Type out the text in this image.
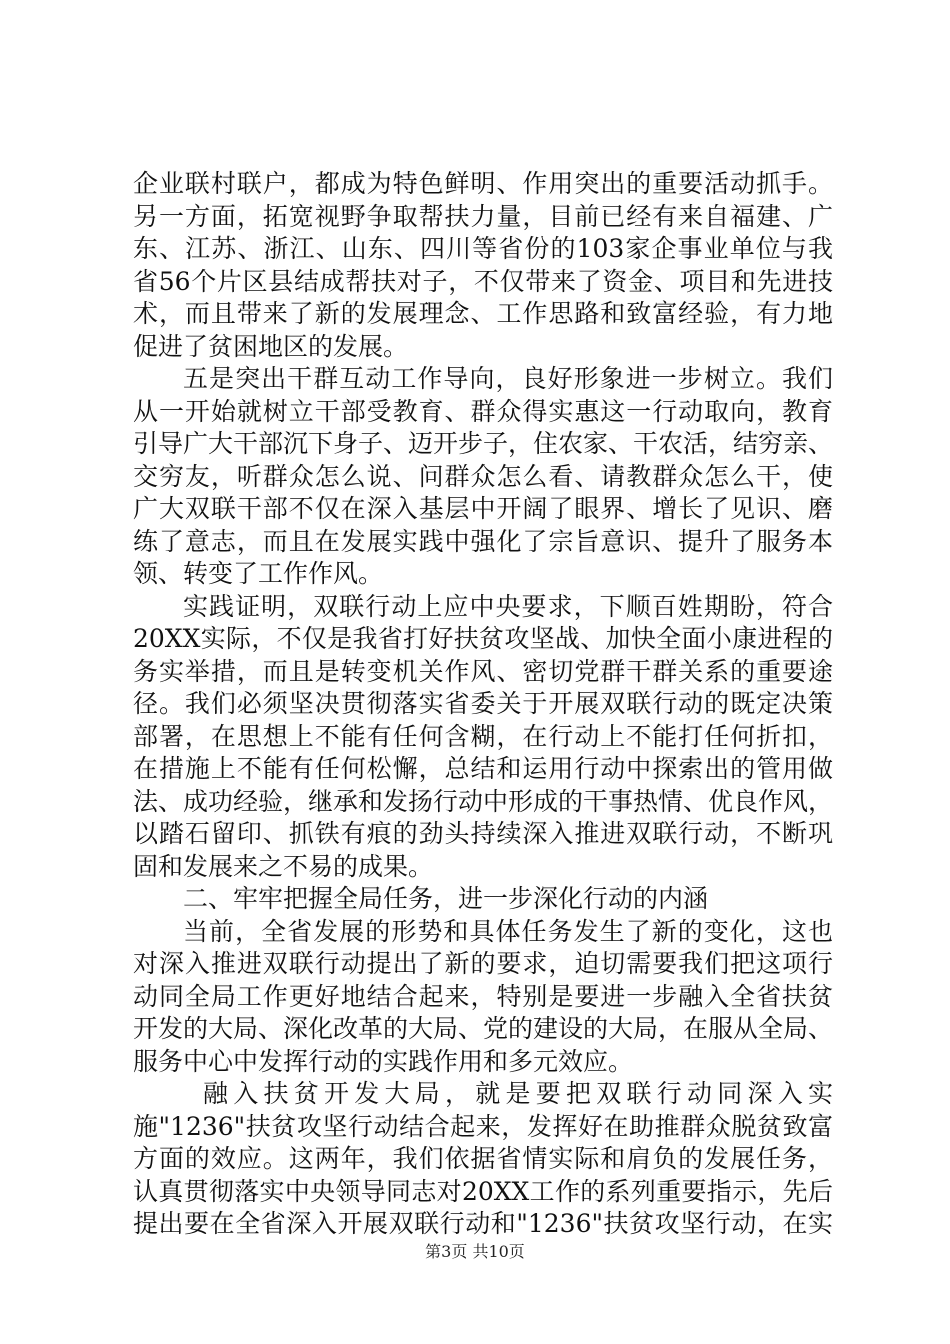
企业联村联户，都成为特色鲜明、作用突出的重要活动抓手。
另一方面，拓宽视野争取帮扶力量，目前已经有来自福建、广
东、江苏、浙江、山东、四川等省份的103家企事业单位与我
省56个片区县结成帮扶对子，不仅带来了资金、项目和先进技
术，而且带来了新的发展理念、工作思路和致富经验，有力地
促进了贫困地区的发展。
五是突出干群互动工作导向，良好形象进一步树立。我们
从一开始就树立干部受教育、群众得实惠这一行动取向，教育
引导广大干部沉下身子、迈开步子，住农家、干农活，结穷亲、
交穷友，听群众怎么说、问群众怎么看、请教群众怎么干，使
广大双联干部不仅在深入基层中开阔了眼界、增长了见识、磨
练了意志，而且在发展实践中强化了宗旨意识、提升了服务本
领、转变了工作作风。
实践证明，双联行动上应中央要求，下顺百姓期盼，符合
20XX实际，不仅是我省打好扶贫攻坚战、加快全面小康进程的
务实举措，而且是转变机关作风、密切党群干群关系的重要途
径。我们必须坚决贯彻落实省委关于开展双联行动的既定决策
部署，在思想上不能有任何含糊，在行动上不能打任何折扣，
在措施上不能有任何松懈，总结和运用行动中探索出的管用做
法、成功经验，继承和发扬行动中形成的干事热情、优良作风，
以踏石留印、抓铁有痕的劲头持续深入推进双联行动，不断巩
固和发展来之不易的成果。
二、牢牢把握全局任务，进一步深化行动的内涵
当前，全省发展的形势和具体任务发生了新的变化，这也
对深入推进双联行动提出了新的要求，迫切需要我们把这项行
动同全局工作更好地结合起来，特别是要进一步融入全省扶贫
开发的大局、深化改革的大局、党的建设的大局，在服从全局、
服务中心中发挥行动的实践作用和多元效应。
融入扶贫开发大局，就是要把双联行动同深入实
施"1236"扶贫攻坚行动结合起来，发挥好在助推群众脱贫致富
方面的效应。这两年，我们依据省情实际和肩负的发展任务，
认真贯彻落实中央领导同志对20XX工作的系列重要指示，先后
提出要在全省深入开展双联行动和"1236"扶贫攻坚行动，在实
第3页 共10页
